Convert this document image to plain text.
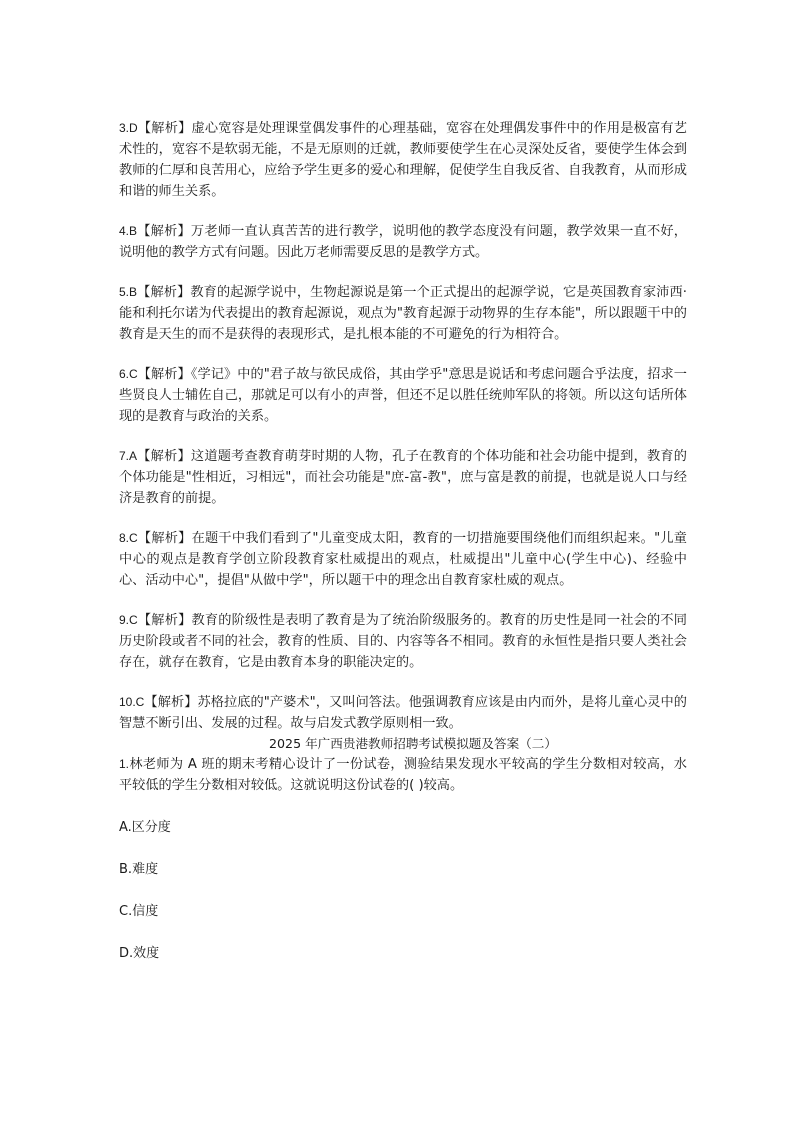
3.D【解析】虚心宽容是处理课堂偶发事件的心理基础，宽容在处理偶发事件中的作用是极富有艺术性的，宽容不是软弱无能，不是无原则的迁就，教师要使学生在心灵深处反省，要使学生体会到教师的仁厚和良苦用心，应给予学生更多的爱心和理解，促使学生自我反省、自我教育，从而形成和谐的师生关系。

4.B【解析】万老师一直认真苦苦的进行教学，说明他的教学态度没有问题，教学效果一直不好，说明他的教学方式有问题。因此万老师需要反思的是教学方式。

5.B【解析】教育的起源学说中，生物起源说是第一个正式提出的起源学说，它是英国教育家沛西·能和利托尔诺为代表提出的教育起源说，观点为"教育起源于动物界的生存本能"，所以跟题干中的教育是天生的而不是获得的表现形式，是扎根本能的不可避免的行为相符合。

6.C【解析】《学记》中的"君子故与欲民成俗，其由学乎"意思是说话和考虑问题合乎法度，招求一些贤良人士辅佐自己，那就足可以有小的声誉，但还不足以胜任统帅军队的将领。所以这句话所体现的是教育与政治的关系。

7.A【解析】这道题考查教育萌芽时期的人物，孔子在教育的个体功能和社会功能中提到，教育的个体功能是"性相近，习相远"，而社会功能是"庶-富-教"，庶与富是教的前提，也就是说人口与经济是教育的前提。

8.C【解析】在题干中我们看到了"儿童变成太阳，教育的一切措施要围绕他们而组织起来。"儿童中心的观点是教育学创立阶段教育家杜威提出的观点，杜威提出"儿童中心(学生中心)、经验中心、活动中心"，提倡"从做中学"，所以题干中的理念出自教育家杜威的观点。

9.C【解析】教育的阶级性是表明了教育是为了统治阶级服务的。教育的历史性是同一社会的不同历史阶段或者不同的社会，教育的性质、目的、内容等各不相同。教育的永恒性是指只要人类社会存在，就存在教育，它是由教育本身的职能决定的。

10.C【解析】苏格拉底的"产婆术"，又叫问答法。他强调教育应该是由内而外，是将儿童心灵中的智慧不断引出、发展的过程。故与启发式教学原则相一致。

2025 年广西贵港教师招聘考试模拟题及答案（二）

1.林老师为 A 班的期末考精心设计了一份试卷，测验结果发现水平较高的学生分数相对较高，水平较低的学生分数相对较低。这就说明这份试卷的( )较高。

A.区分度

B.难度

C.信度

D.效度
